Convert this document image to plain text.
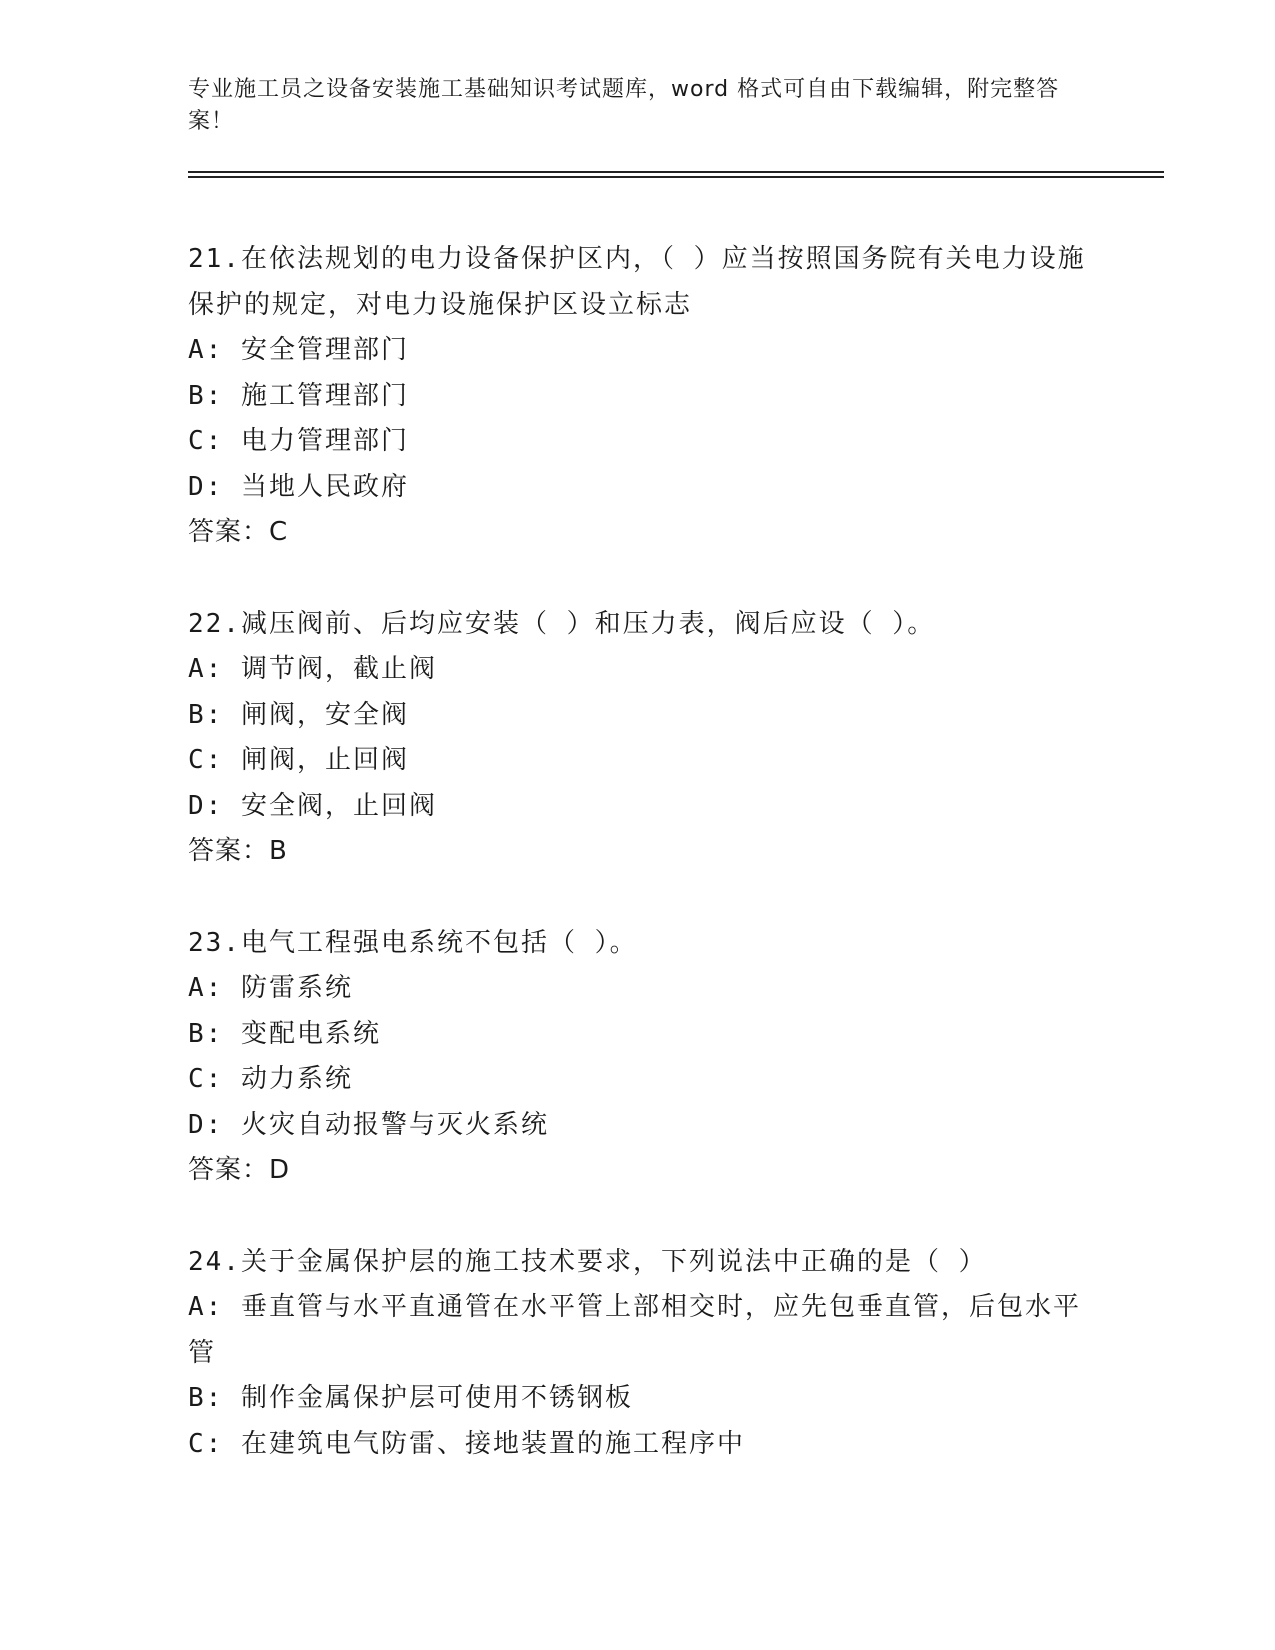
专业施工员之设备安装施工基础知识考试题库，word 格式可自由下载编辑，附完整答案！

21.在依法规划的电力设备保护区内，（ ）应当按照国务院有关电力设施保护的规定，对电力设施保护区设立标志

A: 安全管理部门

B: 施工管理部门

C: 电力管理部门

D: 当地人民政府

答案：C

22.减压阀前、后均应安装（ ）和压力表，阀后应设（ ）。

A: 调节阀，截止阀

B: 闸阀，安全阀

C: 闸阀，止回阀

D: 安全阀，止回阀

答案：B

23.电气工程强电系统不包括（ ）。

A: 防雷系统

B: 变配电系统

C: 动力系统

D: 火灾自动报警与灭火系统

答案：D

24.关于金属保护层的施工技术要求，下列说法中正确的是（ ）

A: 垂直管与水平直通管在水平管上部相交时，应先包垂直管，后包水平管

B: 制作金属保护层可使用不锈钢板

C: 在建筑电气防雷、接地装置的施工程序中
